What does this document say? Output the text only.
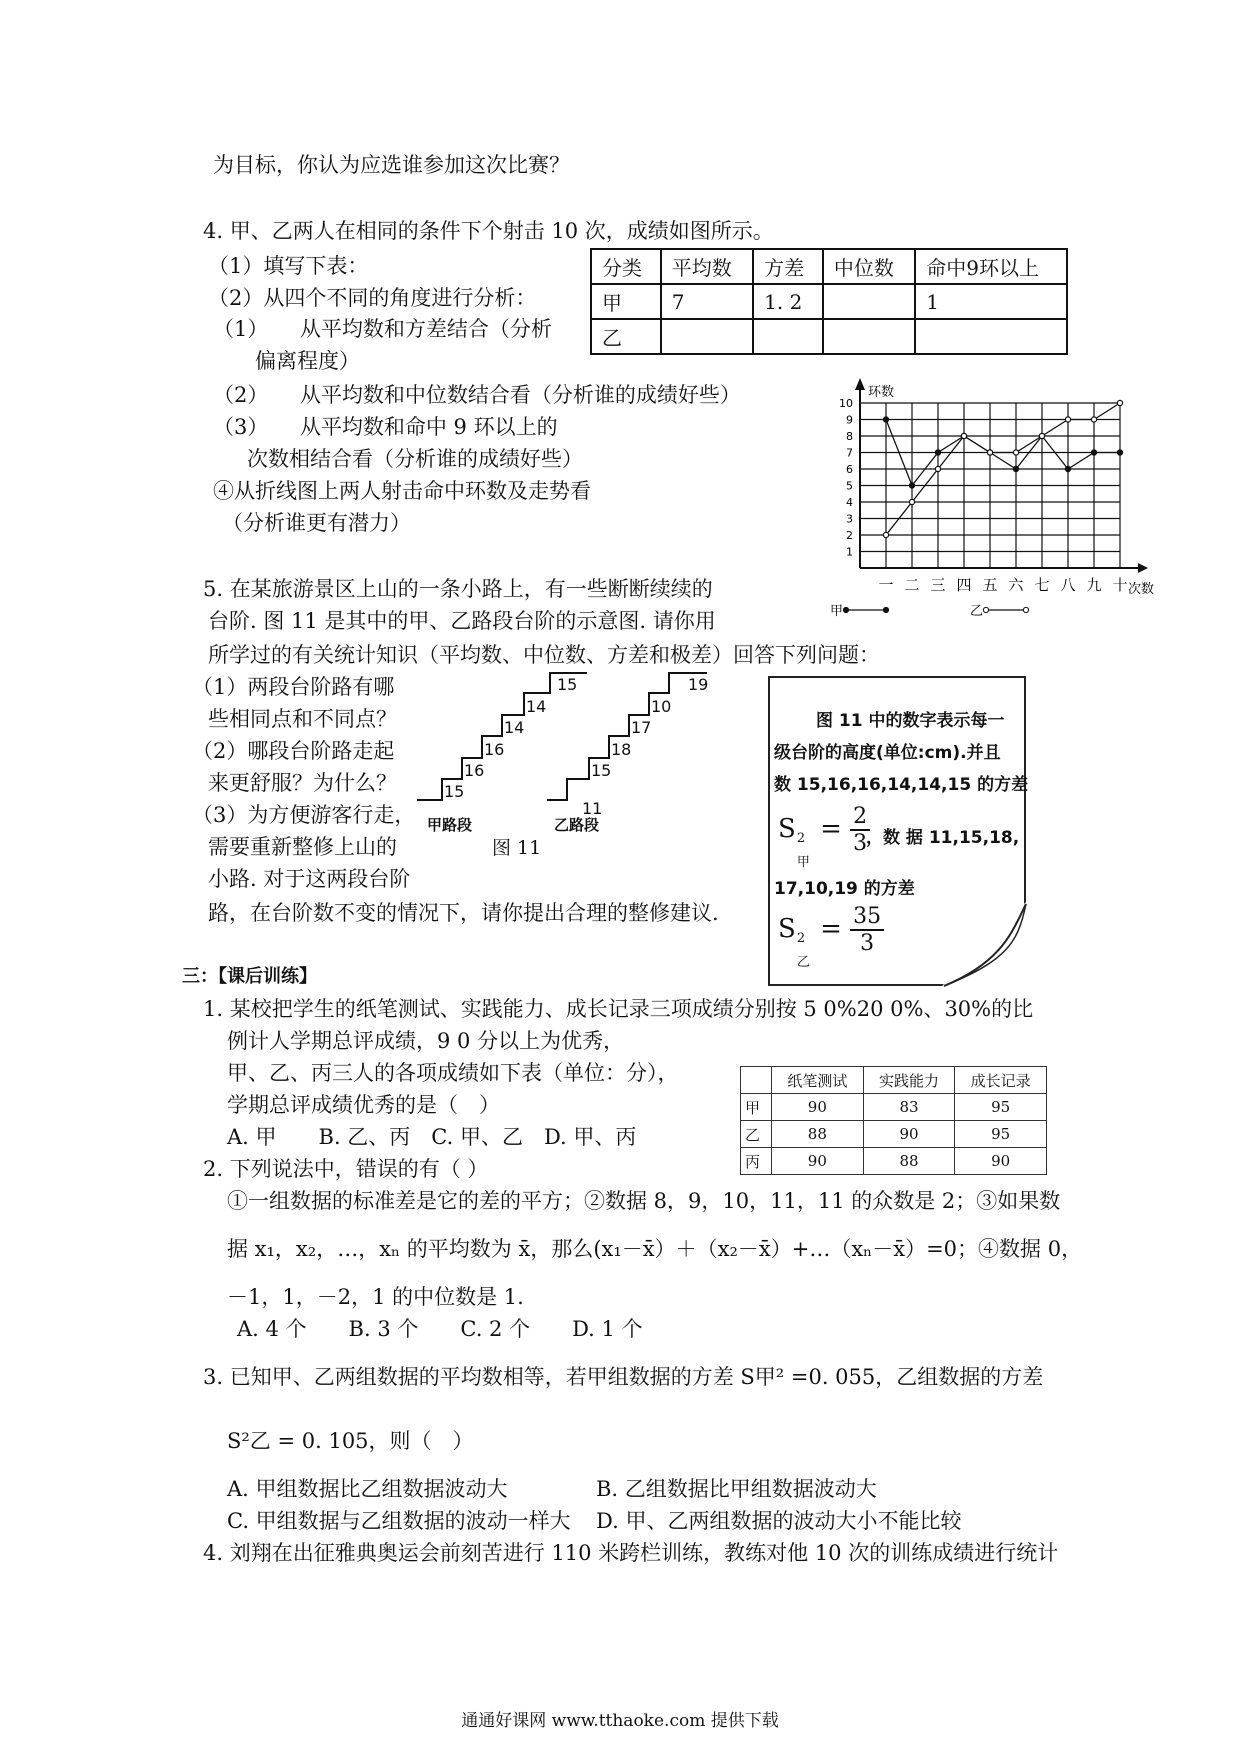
为目标，你认为应选谁参加这次比赛？
4. 甲、乙两人在相同的条件下个射击 10 次，成绩如图所示。
（1）填写下表：
（2）从四个不同的角度进行分析：
（1）　　从平均数和方差结合（分析
偏离程度）
（2）　　从平均数和中位数结合看（分析谁的成绩好些）
（3）　　从平均数和命中 9 环以上的
次数相结合看（分析谁的成绩好些）
④从折线图上两人射击命中环数及走势看
（分析谁更有潜力）
分类	平均数	方差	中位数	命中9环以上
甲	7	1. 2		1
乙				
1
2
3
4
5
6
7
8
9
10
一 二 三 四 五 六 七 八 九 十
环数
次数
甲	乙
5. 在某旅游景区上山的一条小路上，有一些断断续续的
台阶. 图 11 是其中的甲、乙路段台阶的示意图. 请你用
所学过的有关统计知识（平均数、中位数、方差和极差）回答下列问题：
（1）两段台阶路有哪
些相同点和不同点？
（2）哪段台阶路走起
来更舒服？为什么？
（3）为方便游客行走，
需要重新整修上山的
小路. 对于这两段台阶
路，在台阶数不变的情况下，请你提出合理的整修建议.
15
16
16
14
14
15
11
15
18
17
10
19
甲路段	乙路段
图 11
图 11 中的数字表示每一
级台阶的高度(单位:cm).并且
数 15,16,16,14,14,15 的方差
S 2
甲
= $\frac{2}{3}$
，数 据 11,15,18,
17,10,19 的方差
S 2
乙
= $\frac{35}{3}$
三：【课后训练】
1. 某校把学生的纸笔测试、实践能力、成长记录三项成绩分别按 5 0%20 0%、30%的比
例计人学期总评成绩，9 0 分以上为优秀，
甲、乙、丙三人的各项成绩如下表（单位：分），
学期总评成绩优秀的是（　）
A. 甲　　B. 乙、丙　C. 甲、乙　D. 甲、丙
	纸笔测试	实践能力	成长记录
甲	90	83	95
乙	88	90	95
丙	90	88	90
2. 下列说法中，错误的有（ ）
①一组数据的标准差是它的差的平方；②数据 8，9，10，11，11 的众数是 2；③如果数
据 x₁，x₂，…，xₙ 的平均数为 x̄，那么(x₁－x̄）＋（x₂－x̄）+…（xₙ－x̄）=0；④数据 0，
－1，1，－2，1 的中位数是 1.
A. 4 个　　B. 3 个　　C. 2 个　　D. 1 个
3. 已知甲、乙两组数据的平均数相等，若甲组数据的方差 S甲² =0. 055，乙组数据的方差
S²乙 = 0. 105，则（　）
A. 甲组数据比乙组数据波动大	B. 乙组数据比甲组数据波动大
C. 甲组数据与乙组数据的波动一样大 D. 甲、乙两组数据的波动大小不能比较
4. 刘翔在出征雅典奥运会前刻苦进行 110 米跨栏训练，教练对他 10 次的训练成绩进行统计
通通好课网 www.tthaoke.com 提供下载
